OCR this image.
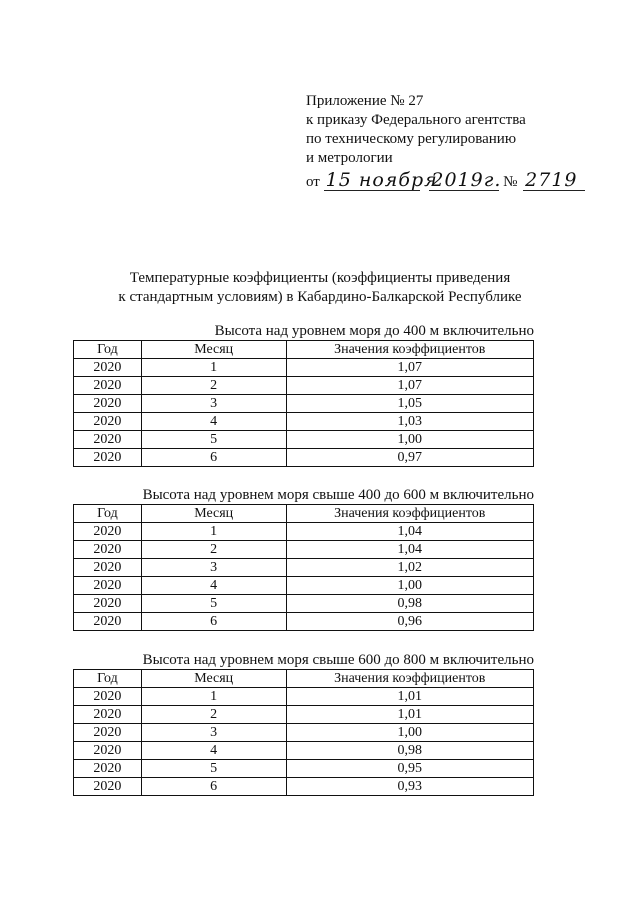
Приложение № 27
к приказу Федерального агентства
по техническому регулированию
и метрологии
от 15 ноября 2019г. № 2719
Температурные коэффициенты (коэффициенты приведения
к стандартным условиям) в Кабардино-Балкарской Республике
Высота над уровнем моря до 400 м включительно
Год	Месяц	Значения коэффициентов
2020	1	1,07
2020	2	1,07
2020	3	1,05
2020	4	1,03
2020	5	1,00
2020	6	0,97
Высота над уровнем моря свыше 400 до 600 м включительно
Год	Месяц	Значения коэффициентов
2020	1	1,04
2020	2	1,04
2020	3	1,02
2020	4	1,00
2020	5	0,98
2020	6	0,96
Высота над уровнем моря свыше 600 до 800 м включительно
Год	Месяц	Значения коэффициентов
2020	1	1,01
2020	2	1,01
2020	3	1,00
2020	4	0,98
2020	5	0,95
2020	6	0,93
